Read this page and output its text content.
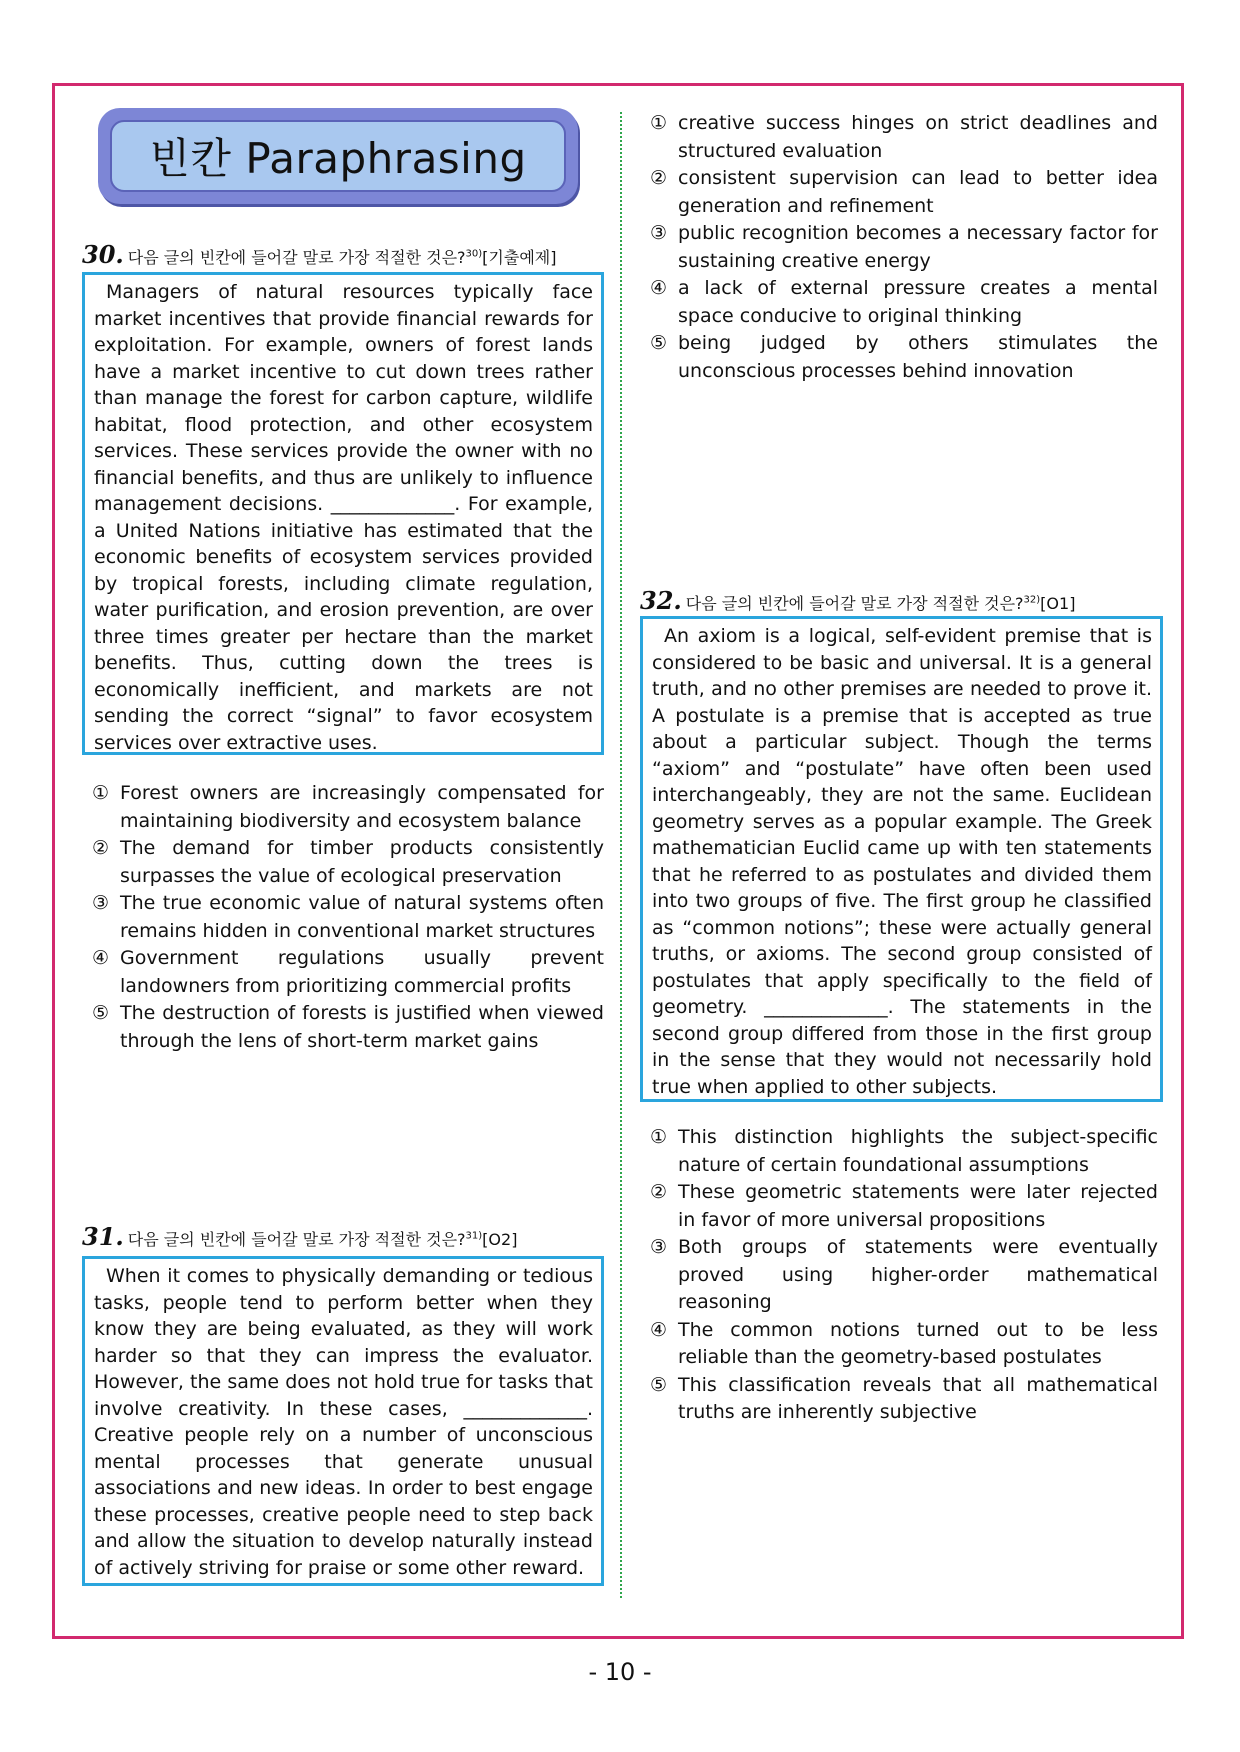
빈칸 Paraphrasing
30. 다음 글의 빈칸에 들어갈 말로 가장 적절한 것은?$^{30)}$[기출예제]
Managers of natural resources typically face market incentives that provide financial rewards for exploitation. For example, owners of forest lands have a market incentive to cut down trees rather than manage the forest for carbon capture, wildlife habitat, flood protection, and other ecosystem services. These services provide the owner with no financial benefits, and thus are unlikely to influence management decisions. _____________. For example, a United Nations initiative has estimated that the economic benefits of ecosystem services provided by tropical forests, including climate regulation, water purification, and erosion prevention, are over three times greater per hectare than the market benefits. Thus, cutting down the trees is economically inefficient, and markets are not sending the correct “signal” to favor ecosystem services over extractive uses.
① Forest owners are increasingly compensated for maintaining biodiversity and ecosystem balance
② The demand for timber products consistently surpasses the value of ecological preservation
③ The true economic value of natural systems often remains hidden in conventional market structures
④ Government regulations usually prevent landowners from prioritizing commercial profits
⑤ The destruction of forests is justified when viewed through the lens of short-term market gains
31. 다음 글의 빈칸에 들어갈 말로 가장 적절한 것은?$^{31)}$[O2]
When it comes to physically demanding or tedious tasks, people tend to perform better when they know they are being evaluated, as they will work harder so that they can impress the evaluator. However, the same does not hold true for tasks that involve creativity. In these cases, _____________. Creative people rely on a number of unconscious mental processes that generate unusual associations and new ideas. In order to best engage these processes, creative people need to step back and allow the situation to develop naturally instead of actively striving for praise or some other reward.
① creative success hinges on strict deadlines and structured evaluation
② consistent supervision can lead to better idea generation and refinement
③ public recognition becomes a necessary factor for sustaining creative energy
④ a lack of external pressure creates a mental space conducive to original thinking
⑤ being judged by others stimulates the unconscious processes behind innovation
32. 다음 글의 빈칸에 들어갈 말로 가장 적절한 것은?$^{32)}$[O1]
An axiom is a logical, self-evident premise that is considered to be basic and universal. It is a general truth, and no other premises are needed to prove it. A postulate is a premise that is accepted as true about a particular subject. Though the terms “axiom” and “postulate” have often been used interchangeably, they are not the same. Euclidean geometry serves as a popular example. The Greek mathematician Euclid came up with ten statements that he referred to as postulates and divided them into two groups of five. The first group he classified as “common notions”; these were actually general truths, or axioms. The second group consisted of postulates that apply specifically to the field of geometry. _____________. The statements in the second group differed from those in the first group in the sense that they would not necessarily hold true when applied to other subjects.
① This distinction highlights the subject-specific nature of certain foundational assumptions
② These geometric statements were later rejected in favor of more universal propositions
③ Both groups of statements were eventually proved using higher-order mathematical reasoning
④ The common notions turned out to be less reliable than the geometry-based postulates
⑤ This classification reveals that all mathematical truths are inherently subjective
- 10 -
